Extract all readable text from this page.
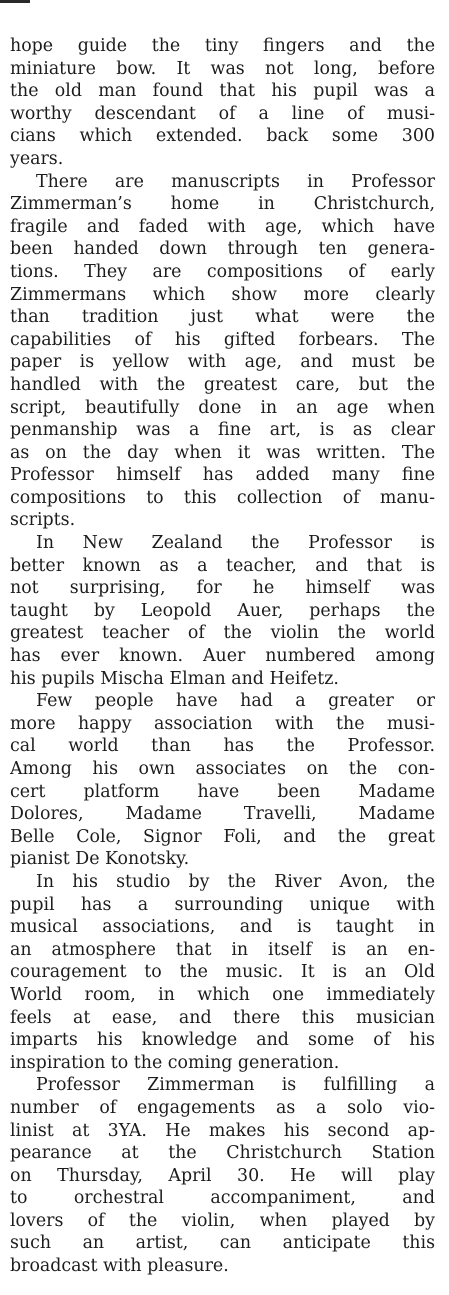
hope guide the tiny fingers and the
miniature bow. It was not long, before
the old man found that his pupil was a
worthy descendant of a line of musi-
cians which extended. back some 300
years.
There are manuscripts in Professor
Zimmerman’s home in Christchurch,
fragile and faded with age, which have
been handed down through ten genera-
tions. They are compositions of early
Zimmermans which show more clearly
than tradition just what were the
capabilities of his gifted forbears. The
paper is yellow with age, and must be
handled with the greatest care, but the
script, beautifully done in an age when
penmanship was a fine art, is as clear
as on the day when it was written. The
Professor himself has added many fine
compositions to this collection of manu-
scripts.
In New Zealand the Professor is
better known as a teacher, and that is
not surprising, for he himself was
taught by Leopold Auer, perhaps the
greatest teacher of the violin the world
has ever known. Auer numbered among
his pupils Mischa Elman and Heifetz.
Few people have had a greater or
more happy association with the musi-
cal world than has the Professor.
Among his own associates on the con-
cert platform have been Madame
Dolores, Madame Travelli, Madame
Belle Cole, Signor Foli, and the great
pianist De Konotsky.
In his studio by the River Avon, the
pupil has a surrounding unique with
musical associations, and is taught in
an atmosphere that in itself is an en-
couragement to the music. It is an Old
World room, in which one immediately
feels at ease, and there this musician
imparts his knowledge and some of his
inspiration to the coming generation.
Professor Zimmerman is fulfilling a
number of engagements as a solo vio-
linist at 3YA. He makes his second ap-
pearance at the Christchurch Station
on Thursday, April 30. He will play
to orchestral accompaniment, and
lovers of the violin, when played by
such an artist, can anticipate this
broadcast with pleasure.
